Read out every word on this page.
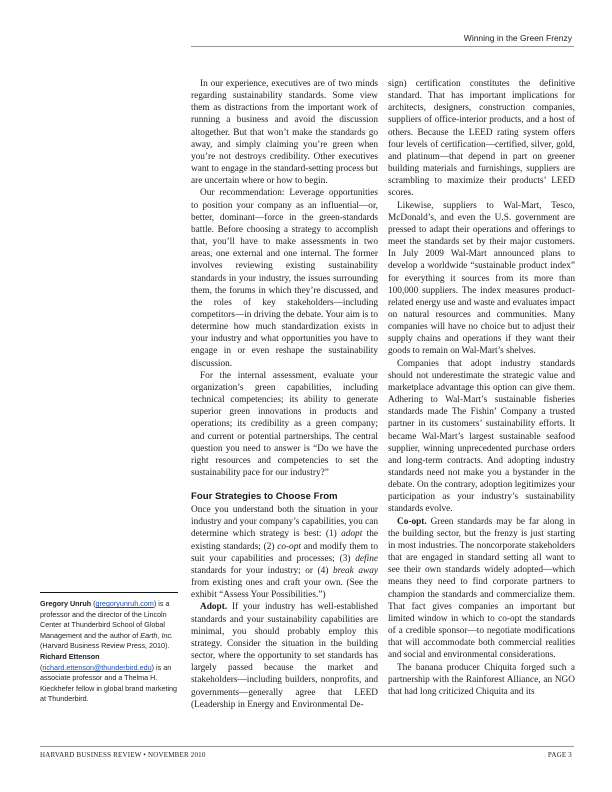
Winning in the Green Frenzy

In our experience, executives are of two minds regarding sustainability standards. Some view them as distractions from the important work of running a business and avoid the discussion altogether. But that won’t make the standards go away, and simply claiming you’re green when you’re not destroys credibility. Other executives want to engage in the standard-setting process but are uncertain where or how to begin.

Our recommendation: Leverage opportunities to position your company as an influential—or, better, dominant—force in the green-standards battle. Before choosing a strategy to accomplish that, you’ll have to make assessments in two areas, one external and one internal. The former involves reviewing existing sustainability standards in your industry, the issues surrounding them, the forums in which they’re discussed, and the roles of key stakeholders—including competitors—in driving the debate. Your aim is to determine how much standardization exists in your industry and what opportunities you have to engage in or even reshape the sustainability discussion.

For the internal assessment, evaluate your organization’s green capabilities, including technical competencies; its ability to generate superior green innovations in products and operations; its credibility as a green company; and current or potential partnerships. The central question you need to answer is “Do we have the right resources and competencies to set the sustainability pace for our industry?”

Four Strategies to Choose From

Once you understand both the situation in your industry and your company’s capabilities, you can determine which strategy is best: (1) adopt the existing standards; (2) co-opt and modify them to suit your capabilities and processes; (3) define standards for your industry; or (4) break away from existing ones and craft your own. (See the exhibit “Assess Your Possibilities.”)

Adopt. If your industry has well-established standards and your sustainability capabilities are minimal, you should probably employ this strategy. Consider the situation in the building sector, where the opportunity to set standards has largely passed because the market and stakeholders—including builders, nonprofits, and governments—generally agree that LEED (Leadership in Energy and Environmental De-

sign) certification constitutes the definitive standard. That has important implications for architects, designers, construction companies, suppliers of office-interior products, and a host of others. Because the LEED rating system offers four levels of certification—certified, silver, gold, and platinum—that depend in part on greener building materials and furnishings, suppliers are scrambling to maximize their products’ LEED scores.

Likewise, suppliers to Wal-Mart, Tesco, McDonald’s, and even the U.S. government are pressed to adapt their operations and offerings to meet the standards set by their major customers. In July 2009 Wal-Mart announced plans to develop a worldwide “sustainable product index” for everything it sources from its more than 100,000 suppliers. The index measures product-related energy use and waste and evaluates impact on natural resources and communities. Many companies will have no choice but to adjust their supply chains and operations if they want their goods to remain on Wal-Mart’s shelves.

Companies that adopt industry standards should not underestimate the strategic value and marketplace advantage this option can give them. Adhering to Wal-Mart’s sustainable fisheries standards made The Fishin’ Company a trusted partner in its customers’ sustainability efforts. It became Wal-Mart’s largest sustainable seafood supplier, winning unprecedented purchase orders and long-term contracts. And adopting industry standards need not make you a bystander in the debate. On the contrary, adoption legitimizes your participation as your industry’s sustainability standards evolve.

Co-opt. Green standards may be far along in the building sector, but the frenzy is just starting in most industries. The noncorporate stakeholders that are engaged in standard setting all want to see their own standards widely adopted—which means they need to find corporate partners to champion the standards and commercialize them. That fact gives companies an important but limited window in which to co-opt the standards of a credible sponsor—to negotiate modifications that will accommodate both commercial realities and social and environmental considerations.

The banana producer Chiquita forged such a partnership with the Rainforest Alliance, an NGO that had long criticized Chiquita and its

Gregory Unruh (gregoryunruh.com) is a professor and the director of the Lincoln Center at Thunderbird School of Global Management and the author of Earth, Inc. (Harvard Business Review Press, 2010). Richard Ettenson (richard.ettenson@thunderbird.edu) is an associate professor and a Thelma H. Kieckhefer fellow in global brand marketing at Thunderbird.
HARVARD BUSINESS REVIEW • NOVEMBER 2010	PAGE 3
